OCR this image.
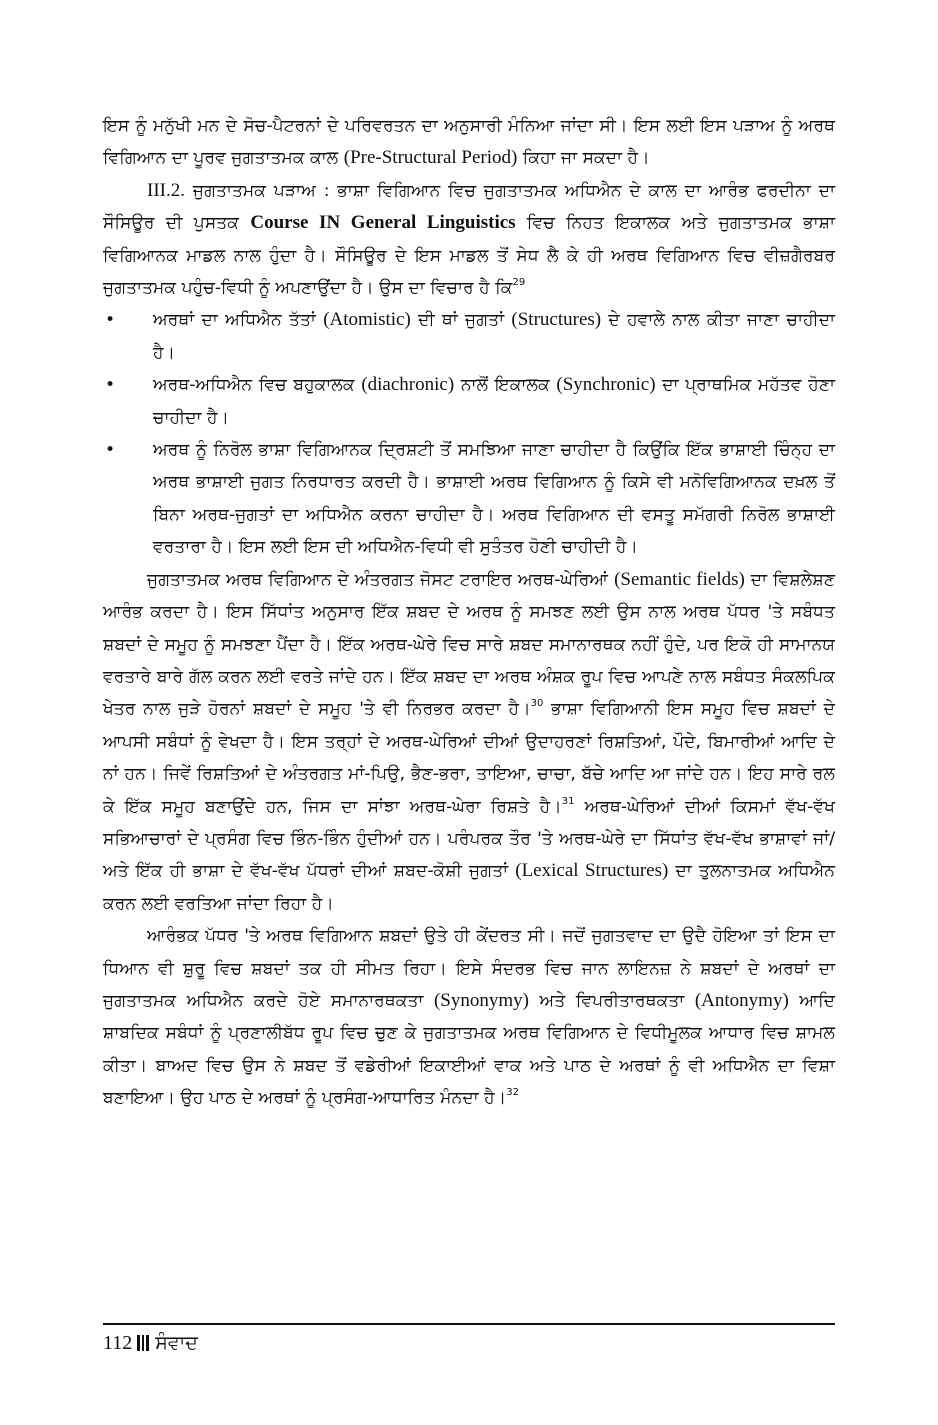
ਇਸ ਨੂੰ ਮਨੁੱਖੀ ਮਨ ਦੇ ਸੋਚ-ਪੈਟਰਨਾਂ ਦੇ ਪਰਿਵਰਤਨ ਦਾ ਅਨੁਸਾਰੀ ਮੰਨਿਆ ਜਾਂਦਾ ਸੀ। ਇਸ ਲਈ ਇਸ ਪੜਾਅ ਨੂੰ ਅਰਥ ਵਿਗਿਆਨ ਦਾ ਪੂਰਵ ਜੁਗਤਾਤਮਕ ਕਾਲ (Pre-Structural Period) ਕਿਹਾ ਜਾ ਸਕਦਾ ਹੈ।

III.2. ਜੁਗਤਾਤਮਕ ਪੜਾਅ : ਭਾਸ਼ਾ ਵਿਗਿਆਨ ਵਿਚ ਜੁਗਤਾਤਮਕ ਅਧਿਐਨ ਦੇ ਕਾਲ ਦਾ ਆਰੰਭ ਫਰਦੀਨਾ ਦਾ ਸੌਸਿਊਰ ਦੀ ਪੁਸਤਕ Course IN General Linguistics ਵਿਚ ਨਿਹਤ ਇਕਾਲਕ ਅਤੇ ਜੁਗਤਾਤਮਕ ਭਾਸ਼ਾ ਵਿਗਿਆਨਕ ਮਾਡਲ ਨਾਲ ਹੁੰਦਾ ਹੈ। ਸੌਸਿਊਰ ਦੇ ਇਸ ਮਾਡਲ ਤੋਂ ਸੇਧ ਲੈ ਕੇ ਹੀ ਅਰਥ ਵਿਗਿਆਨ ਵਿਚ ਵੀਜ਼ਗੈਰਬਰ ਜੁਗਤਾਤਮਕ ਪਹੁੰਚ-ਵਿਧੀ ਨੂੰ ਅਪਣਾਉਂਦਾ ਹੈ। ਉਸ ਦਾ ਵਿਚਾਰ ਹੈ ਕਿ$^{29}$

• ਅਰਥਾਂ ਦਾ ਅਧਿਐਨ ਤੱਤਾਂ (Atomistic) ਦੀ ਥਾਂ ਜੁਗਤਾਂ (Structures) ਦੇ ਹਵਾਲੇ ਨਾਲ ਕੀਤਾ ਜਾਣਾ ਚਾਹੀਦਾ ਹੈ।
• ਅਰਥ-ਅਧਿਐਨ ਵਿਚ ਬਹੁਕਾਲਕ (diachronic) ਨਾਲੋਂ ਇਕਾਲਕ (Synchronic) ਦਾ ਪ੍ਰਾਥਮਿਕ ਮਹੱਤਵ ਹੋਣਾ ਚਾਹੀਦਾ ਹੈ।
• ਅਰਥ ਨੂੰ ਨਿਰੋਲ ਭਾਸ਼ਾ ਵਿਗਿਆਨਕ ਦ੍ਰਿਸ਼ਟੀ ਤੋਂ ਸਮਝਿਆ ਜਾਣਾ ਚਾਹੀਦਾ ਹੈ ਕਿਉਂਕਿ ਇੱਕ ਭਾਸ਼ਾਈ ਚਿੰਨ੍ਹ ਦਾ ਅਰਥ ਭਾਸ਼ਾਈ ਜੁਗਤ ਨਿਰਧਾਰਤ ਕਰਦੀ ਹੈ। ਭਾਸ਼ਾਈ ਅਰਥ ਵਿਗਿਆਨ ਨੂੰ ਕਿਸੇ ਵੀ ਮਨੋਵਿਗਿਆਨਕ ਦਖ਼ਲ ਤੋਂ ਬਿਨਾ ਅਰਥ-ਜੁਗਤਾਂ ਦਾ ਅਧਿਐਨ ਕਰਨਾ ਚਾਹੀਦਾ ਹੈ। ਅਰਥ ਵਿਗਿਆਨ ਦੀ ਵਸਤੂ ਸਮੱਗਰੀ ਨਿਰੋਲ ਭਾਸ਼ਾਈ ਵਰਤਾਰਾ ਹੈ। ਇਸ ਲਈ ਇਸ ਦੀ ਅਧਿਐਨ-ਵਿਧੀ ਵੀ ਸੁਤੰਤਰ ਹੋਣੀ ਚਾਹੀਦੀ ਹੈ।

ਜੁਗਤਾਤਮਕ ਅਰਥ ਵਿਗਿਆਨ ਦੇ ਅੰਤਰਗਤ ਜੋਸਟ ਟਰਾਇਰ ਅਰਥ-ਘੇਰਿਆਂ (Semantic fields) ਦਾ ਵਿਸ਼ਲੇਸ਼ਣ ਆਰੰਭ ਕਰਦਾ ਹੈ। ਇਸ ਸਿੱਧਾਂਤ ਅਨੁਸਾਰ ਇੱਕ ਸ਼ਬਦ ਦੇ ਅਰਥ ਨੂੰ ਸਮਝਣ ਲਈ ਉਸ ਨਾਲ ਅਰਥ ਪੱਧਰ 'ਤੇ ਸਬੰਧਤ ਸ਼ਬਦਾਂ ਦੇ ਸਮੂਹ ਨੂੰ ਸਮਝਣਾ ਪੈਂਦਾ ਹੈ। ਇੱਕ ਅਰਥ-ਘੇਰੇ ਵਿਚ ਸਾਰੇ ਸ਼ਬਦ ਸਮਾਨਾਰਥਕ ਨਹੀਂ ਹੁੰਦੇ, ਪਰ ਇਕੋ ਹੀ ਸਾਮਾਨਯ ਵਰਤਾਰੇ ਬਾਰੇ ਗੱਲ ਕਰਨ ਲਈ ਵਰਤੇ ਜਾਂਦੇ ਹਨ। ਇੱਕ ਸ਼ਬਦ ਦਾ ਅਰਥ ਅੰਸ਼ਕ ਰੂਪ ਵਿਚ ਆਪਣੇ ਨਾਲ ਸਬੰਧਤ ਸੰਕਲਪਿਕ ਖੇਤਰ ਨਾਲ ਜੁੜੇ ਹੋਰਨਾਂ ਸ਼ਬਦਾਂ ਦੇ ਸਮੂਹ 'ਤੇ ਵੀ ਨਿਰਭਰ ਕਰਦਾ ਹੈ।$^{30}$ ਭਾਸ਼ਾ ਵਿਗਿਆਨੀ ਇਸ ਸਮੂਹ ਵਿਚ ਸ਼ਬਦਾਂ ਦੇ ਆਪਸੀ ਸਬੰਧਾਂ ਨੂੰ ਵੇਖਦਾ ਹੈ। ਇਸ ਤਰ੍ਹਾਂ ਦੇ ਅਰਥ-ਘੇਰਿਆਂ ਦੀਆਂ ਉਦਾਹਰਣਾਂ ਰਿਸ਼ਤਿਆਂ, ਪੌਦੇ, ਬਿਮਾਰੀਆਂ ਆਦਿ ਦੇ ਨਾਂ ਹਨ। ਜਿਵੇਂ ਰਿਸ਼ਤਿਆਂ ਦੇ ਅੰਤਰਗਤ ਮਾਂ-ਪਿਉ, ਭੈਣ-ਭਰਾ, ਤਾਇਆ, ਚਾਚਾ, ਬੱਚੇ ਆਦਿ ਆ ਜਾਂਦੇ ਹਨ। ਇਹ ਸਾਰੇ ਰਲ ਕੇ ਇੱਕ ਸਮੂਹ ਬਣਾਉਂਦੇ ਹਨ, ਜਿਸ ਦਾ ਸਾਂਝਾ ਅਰਥ-ਘੇਰਾ ਰਿਸ਼ਤੇ ਹੈ।$^{31}$ ਅਰਥ-ਘੇਰਿਆਂ ਦੀਆਂ ਕਿਸਮਾਂ ਵੱਖ-ਵੱਖ ਸਭਿਆਚਾਰਾਂ ਦੇ ਪ੍ਰਸੰਗ ਵਿਚ ਭਿੰਨ-ਭਿੰਨ ਹੁੰਦੀਆਂ ਹਨ। ਪਰੰਪਰਕ ਤੌਰ 'ਤੇ ਅਰਥ-ਘੇਰੇ ਦਾ ਸਿੱਧਾਂਤ ਵੱਖ-ਵੱਖ ਭਾਸ਼ਾਵਾਂ ਜਾਂ/ਅਤੇ ਇੱਕ ਹੀ ਭਾਸ਼ਾ ਦੇ ਵੱਖ-ਵੱਖ ਪੱਧਰਾਂ ਦੀਆਂ ਸ਼ਬਦ-ਕੋਸ਼ੀ ਜੁਗਤਾਂ (Lexical Structures) ਦਾ ਤੁਲਨਾਤਮਕ ਅਧਿਐਨ ਕਰਨ ਲਈ ਵਰਤਿਆ ਜਾਂਦਾ ਰਿਹਾ ਹੈ।

ਆਰੰਭਕ ਪੱਧਰ 'ਤੇ ਅਰਥ ਵਿਗਿਆਨ ਸ਼ਬਦਾਂ ਉਤੇ ਹੀ ਕੇਂਦਰਤ ਸੀ। ਜਦੋਂ ਜੁਗਤਵਾਦ ਦਾ ਉਦੈ ਹੋਇਆ ਤਾਂ ਇਸ ਦਾ ਧਿਆਨ ਵੀ ਸ਼ੁਰੂ ਵਿਚ ਸ਼ਬਦਾਂ ਤਕ ਹੀ ਸੀਮਤ ਰਿਹਾ। ਇਸੇ ਸੰਦਰਭ ਵਿਚ ਜਾਨ ਲਾਇਨਜ਼ ਨੇ ਸ਼ਬਦਾਂ ਦੇ ਅਰਥਾਂ ਦਾ ਜੁਗਤਾਤਮਕ ਅਧਿਐਨ ਕਰਦੇ ਹੋਏ ਸਮਾਨਾਰਥਕਤਾ (Synonymy) ਅਤੇ ਵਿਪਰੀਤਾਰਥਕਤਾ (Antonymy) ਆਦਿ ਸ਼ਾਬਦਿਕ ਸਬੰਧਾਂ ਨੂੰ ਪ੍ਰਣਾਲੀਬੱਧ ਰੂਪ ਵਿਚ ਚੁਣ ਕੇ ਜੁਗਤਾਤਮਕ ਅਰਥ ਵਿਗਿਆਨ ਦੇ ਵਿਧੀਮੂਲਕ ਆਧਾਰ ਵਿਚ ਸ਼ਾਮਲ ਕੀਤਾ। ਬਾਅਦ ਵਿਚ ਉਸ ਨੇ ਸ਼ਬਦ ਤੋਂ ਵਡੇਰੀਆਂ ਇਕਾਈਆਂ ਵਾਕ ਅਤੇ ਪਾਠ ਦੇ ਅਰਥਾਂ ਨੂੰ ਵੀ ਅਧਿਐਨ ਦਾ ਵਿਸ਼ਾ ਬਣਾਇਆ। ਉਹ ਪਾਠ ਦੇ ਅਰਥਾਂ ਨੂੰ ਪ੍ਰਸੰਗ-ਆਧਾਰਿਤ ਮੰਨਦਾ ਹੈ।$^{32}$

112 ਸੰਵਾਦ
